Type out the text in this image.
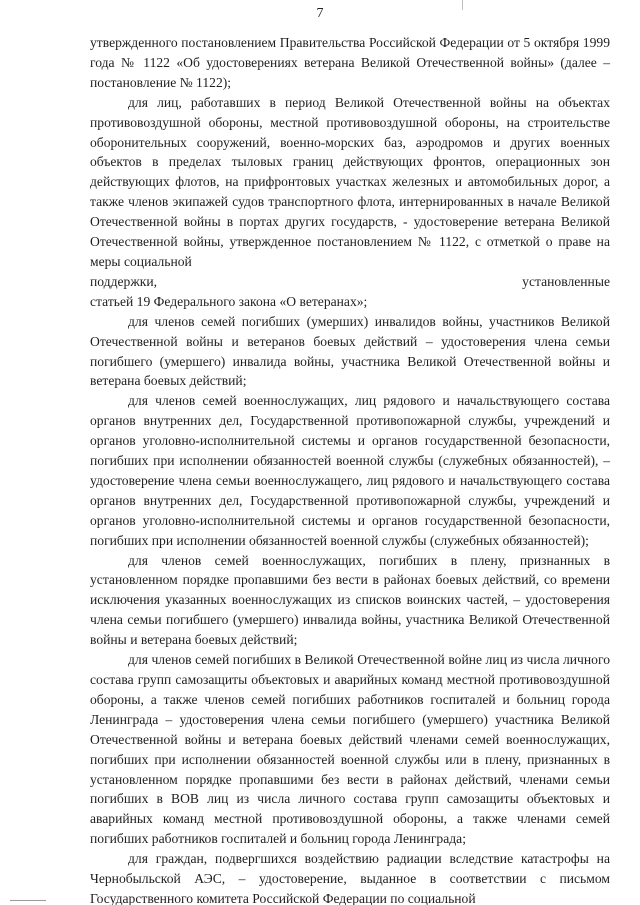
7

утвержденного постановлением Правительства Российской Федерации от 5 октября 1999 года № 1122 «Об удостоверениях ветерана Великой Отечественной войны» (далее – постановление № 1122);

для лиц, работавших в период Великой Отечественной войны на объектах противовоздушной обороны, местной противовоздушной обороны, на строительстве оборонительных сооружений, военно-морских баз, аэродромов и других военных объектов в пределах тыловых границ действующих фронтов, операционных зон действующих флотов, на прифронтовых участках железных и автомобильных дорог, а также членов экипажей судов транспортного флота, интернированных в начале Великой Отечественной войны в портах других государств, - удостоверение ветерана Великой Отечественной войны, утвержденное постановлением № 1122, с отметкой о праве на меры социальной

поддержки, установленные

статьей 19 Федерального закона «О ветеранах»;

для членов семей погибших (умерших) инвалидов войны, участников Великой Отечественной войны и ветеранов боевых действий – удостоверения члена семьи погибшего (умершего) инвалида войны, участника Великой Отечественной войны и ветерана боевых действий;

для членов семей военнослужащих, лиц рядового и начальствующего состава органов внутренних дел, Государственной противопожарной службы, учреждений и органов уголовно-исполнительной системы и органов государственной безопасности, погибших при исполнении обязанностей военной службы (служебных обязанностей), – удостоверение члена семьи военнослужащего, лиц рядового и начальствующего состава органов внутренних дел, Государственной противопожарной службы, учреждений и органов уголовно-исполнительной системы и органов государственной безопасности, погибших при исполнении обязанностей военной службы (служебных обязанностей);

для членов семей военнослужащих, погибших в плену, признанных в установленном порядке пропавшими без вести в районах боевых действий, со времени исключения указанных военнослужащих из списков воинских частей, – удостоверения члена семьи погибшего (умершего) инвалида войны, участника Великой Отечественной войны и ветерана боевых действий;

для членов семей погибших в Великой Отечественной войне лиц из числа личного состава групп самозащиты объектовых и аварийных команд местной противовоздушной обороны, а также членов семей погибших работников госпиталей и больниц города Ленинграда – удостоверения члена семьи погибшего (умершего) участника Великой Отечественной войны и ветерана боевых действий членами семей военнослужащих, погибших при исполнении обязанностей военной службы или в плену, признанных в установленном порядке пропавшими без вести в районах действий, членами семьи погибших в ВОВ лиц из числа личного состава групп самозащиты объектовых и аварийных команд местной противовоздушной обороны, а также членами семей погибших работников госпиталей и больниц города Ленинграда;

для граждан, подвергшихся воздействию радиации вследствие катастрофы на Чернобыльской АЭС, – удостоверение, выданное в соответствии с письмом Государственного комитета Российской Федерации по социальной
